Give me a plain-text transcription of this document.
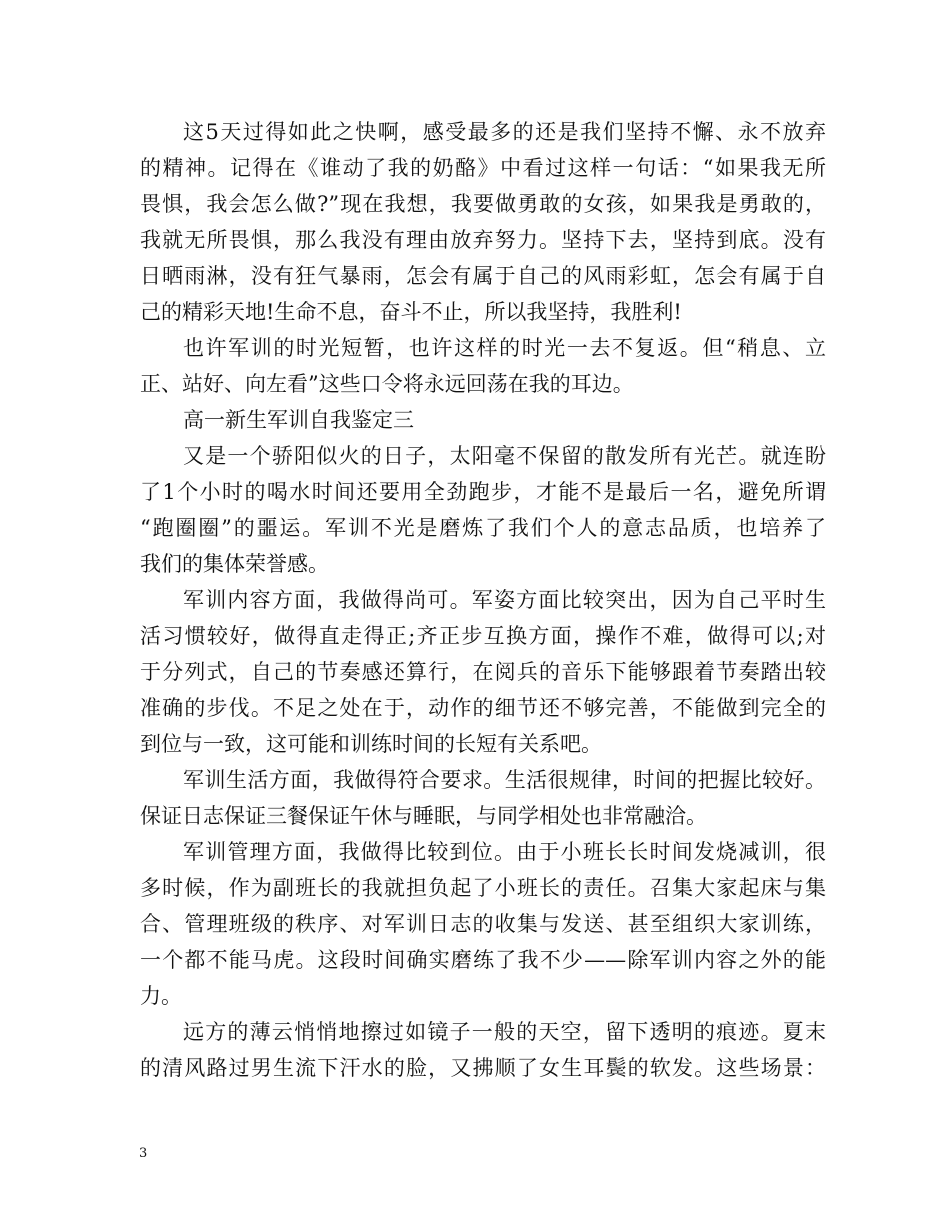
这5天过得如此之快啊，感受最多的还是我们坚持不懈、永不放弃
的精神。记得在《谁动了我的奶酪》中看过这样一句话：“如果我无所
畏惧，我会怎么做?”现在我想，我要做勇敢的女孩，如果我是勇敢的，
我就无所畏惧，那么我没有理由放弃努力。坚持下去，坚持到底。没有
日晒雨淋，没有狂气暴雨，怎会有属于自己的风雨彩虹，怎会有属于自
己的精彩天地!生命不息，奋斗不止，所以我坚持，我胜利!
也许军训的时光短暂，也许这样的时光一去不复返。但“稍息、立
正、站好、向左看”这些口令将永远回荡在我的耳边。
高一新生军训自我鉴定三
又是一个骄阳似火的日子，太阳毫不保留的散发所有光芒。就连盼
了1个小时的喝水时间还要用全劲跑步，才能不是最后一名，避免所谓
“跑圈圈”的噩运。军训不光是磨炼了我们个人的意志品质，也培养了
我们的集体荣誉感。
军训内容方面，我做得尚可。军姿方面比较突出，因为自己平时生
活习惯较好，做得直走得正;齐正步互换方面，操作不难，做得可以;对
于分列式，自己的节奏感还算行，在阅兵的音乐下能够跟着节奏踏出较
准确的步伐。不足之处在于，动作的细节还不够完善，不能做到完全的
到位与一致，这可能和训练时间的长短有关系吧。
军训生活方面，我做得符合要求。生活很规律，时间的把握比较好。
保证日志保证三餐保证午休与睡眠，与同学相处也非常融洽。
军训管理方面，我做得比较到位。由于小班长长时间发烧减训，很
多时候，作为副班长的我就担负起了小班长的责任。召集大家起床与集
合、管理班级的秩序、对军训日志的收集与发送、甚至组织大家训练，
一个都不能马虎。这段时间确实磨练了我不少——除军训内容之外的能
力。
远方的薄云悄悄地擦过如镜子一般的天空，留下透明的痕迹。夏末
的清风路过男生流下汗水的脸，又拂顺了女生耳鬓的软发。这些场景：
3
